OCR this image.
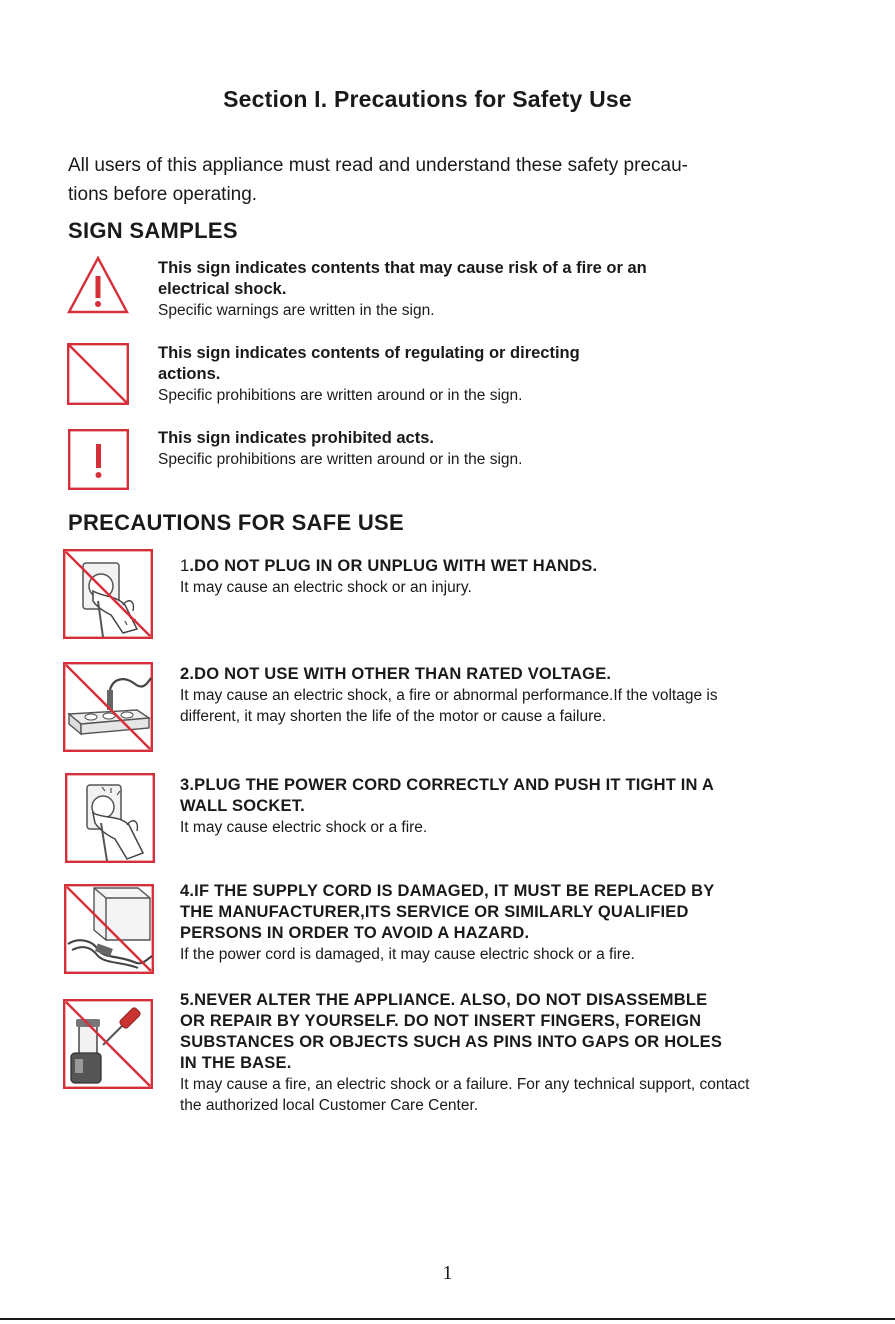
Section I. Precautions for Safety Use
All users of this appliance must read and understand these safety precau-
tions before operating.
SIGN SAMPLES
This sign indicates contents that may cause risk of a fire or an
electrical shock.
Specific warnings are written in the sign.
This sign indicates contents of regulating or directing
actions.
Specific prohibitions are written around or in the sign.
This sign indicates prohibited acts.
Specific prohibitions are written around or in the sign.
PRECAUTIONS FOR SAFE USE
1.DO NOT PLUG IN OR UNPLUG WITH WET HANDS.
It may cause an electric shock or an injury.
2.DO NOT USE WITH OTHER THAN RATED VOLTAGE.
It may cause an electric shock, a fire or abnormal performance.If the voltage is
different, it may shorten the life of the motor or cause a failure.
3.PLUG THE POWER CORD CORRECTLY AND PUSH IT TIGHT IN A
WALL SOCKET.
It may cause electric shock or a fire.
4.IF THE SUPPLY CORD IS DAMAGED, IT MUST BE REPLACED BY
THE MANUFACTURER,ITS SERVICE OR SIMILARLY QUALIFIED
PERSONS IN ORDER TO AVOID A HAZARD.
If the power cord is damaged, it may cause electric shock or a fire.
5.NEVER ALTER THE APPLIANCE. ALSO, DO NOT DISASSEMBLE
OR REPAIR BY YOURSELF. DO NOT INSERT FINGERS, FOREIGN
SUBSTANCES OR OBJECTS SUCH AS PINS INTO GAPS OR HOLES
IN THE BASE.
It may cause a fire, an electric shock or a failure. For any technical support, contact
the authorized local Customer Care Center.
1
